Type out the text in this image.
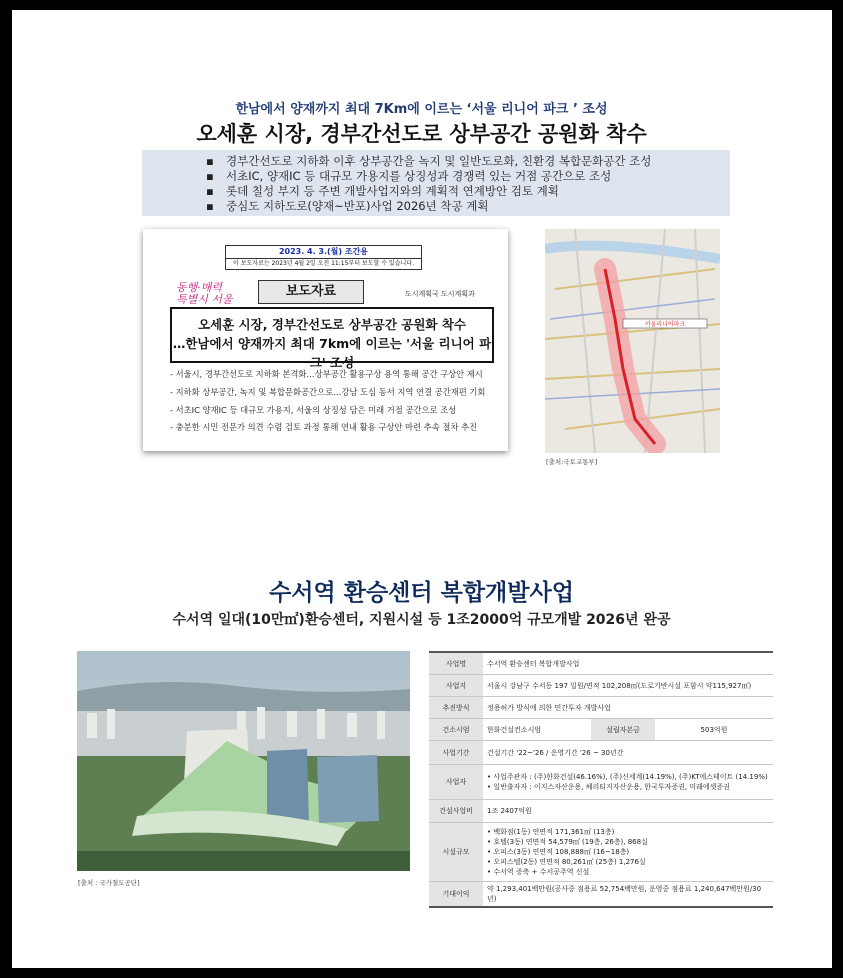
한남에서 양재까지 최대 7Km에 이르는 ‘서울 리니어 파크 ’ 조성
오세훈 시장, 경부간선도로 상부공간 공원화 착수
▪ 경부간선도로 지하화 이후 상부공간을 녹지 및 일반도로화, 친환경 복합문화공간 조성
▪ 서초IC, 양재IC 등 대규모 가용지를 상징성과 경쟁력 있는 거점 공간으로 조성
▪ 롯데 칠성 부지 등 주변 개발사업지와의 계획적 연계방안 검토 계획
▪ 중심도 지하도로(양재~반포)사업 2026년 착공 계획
2023. 4. 3.(월) 조간용
이 보도자료는 2023년 4월 2일 오전 11:15부터 보도할 수 있습니다.
동행·매력
특별시 서울
보도자료	도시계획국 도시계획과
오세훈 시장, 경부간선도로 상부공간 공원화 착수
…한남에서 양재까지 최대 7km에 이르는 '서울 리니어 파크' 조성
- 서울시, 경부간선도로 지하화 본격화…상부공간 활용구상 용역 통해 공간 구상안 제시
- 지하화 상부공간, 녹지 및 복합문화공간으로…강남 도심 동서 지역 연결 공간재편 기회
- 서초IC 양재IC 등 대규모 가용지, 서울의 상징성 담은 미래 거점 공간으로 조성
- 충분한 시민 전문가 의견 수렴 검토 과정 통해 연내 활용 구상안 마련 추속 절차 추진
서울리니어파크
[출처:국토교통부]
수서역 환승센터 복합개발사업
수서역 일대(10만㎡)환승센터, 지원시설 등 1조2000억 규모개발 2026년 완공
[출처 : 국가철도공단]
사업명	수서역 환승센터 복합개발사업		
사업지	서울시 강남구 수서동 197 일원/면적 102,208㎡(도로기반시설 포함시 약115,927㎡)		
추진방식	정용허가 방식에 의한 민간투자 개발사업		
건소시엄	한화건설컨소시엄	설립자본금	503억원
사업기간	건설기간 '22~'26 / 운영기간 '26 ~ 30년간		
사업자	• 사업주관자 : (주)한화건설(46.16%), (주)신세계(14.19%), (주)KT에스테이트 (14.19%)
• 일반출자자 : 이지스자산운용, 헤리티지자산운용, 한국투자증권, 미래에셋증권

건설사업비	1조 2407억원		
시설규모	• 백화점(1동) 연면적 171,361㎡ (13층)
• 호텔(3동) 연면적 54,579㎡ (19층, 26층), 868실
• 오피스(3동) 연면적 108,888㎡ (16~18층)
• 오피스텔(2동) 연면적 80,261㎡ (25층) 1,276실
• 수서역 증축 + 수서공주역 신설

기대이익	약 1,293,401백만원(공사중 점용료 52,754백만원, 운영중 점용료 1,240,647백만원/30년)		
